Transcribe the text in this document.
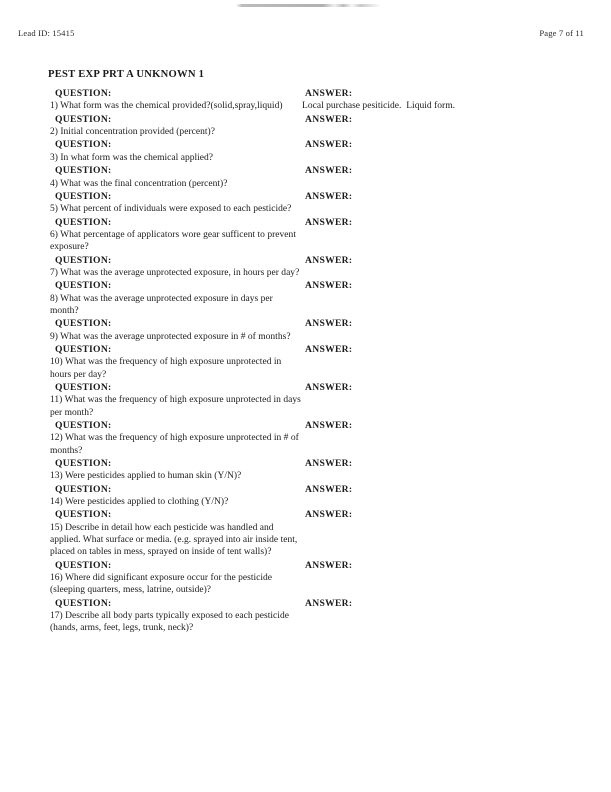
Lead ID: 15415	Page 7 of 11
PEST EXP PRT A UNKNOWN 1
QUESTION:
1) What form was the chemical provided?(solid,spray,liquid)
ANSWER:
Local purchase pesiticide.  Liquid form.
QUESTION:
2) Initial concentration provided (percent)?
ANSWER:
QUESTION:
3) In what form was the chemical applied?
ANSWER:
QUESTION:
4) What was the final concentration (percent)?
ANSWER:
QUESTION:
5) What percent of individuals were exposed to each pesticide?
ANSWER:
QUESTION:
6) What percentage of applicators wore gear sufficent to prevent exposure?
ANSWER:
QUESTION:
7) What was the average unprotected exposure, in hours per day?
ANSWER:
QUESTION:
8) What was the average unprotected exposure in days per month?
ANSWER:
QUESTION:
9) What was the average unprotected exposure in # of months?
ANSWER:
QUESTION:
10) What was the frequency of high exposure unprotected in hours per day?
ANSWER:
QUESTION:
11) What was the frequency of high exposure unprotected in days per month?
ANSWER:
QUESTION:
12) What was the frequency of high exposure unprotected in # of months?
ANSWER:
QUESTION:
13) Were pesticides applied to human skin (Y/N)?
ANSWER:
QUESTION:
14) Were pesticides applied to clothing (Y/N)?
ANSWER:
QUESTION:
15) Describe in detail how each pesticide was handled and applied. What surface or media. (e.g. sprayed into air inside tent, placed on tables in mess, sprayed on inside of tent walls)?
ANSWER:
QUESTION:
16) Where did significant exposure occur for the pesticide (sleeping quarters, mess, latrine, outside)?
ANSWER:
QUESTION:
17) Describe all body parts typically exposed to each pesticide (hands, arms, feet, legs, trunk, neck)?
ANSWER:
